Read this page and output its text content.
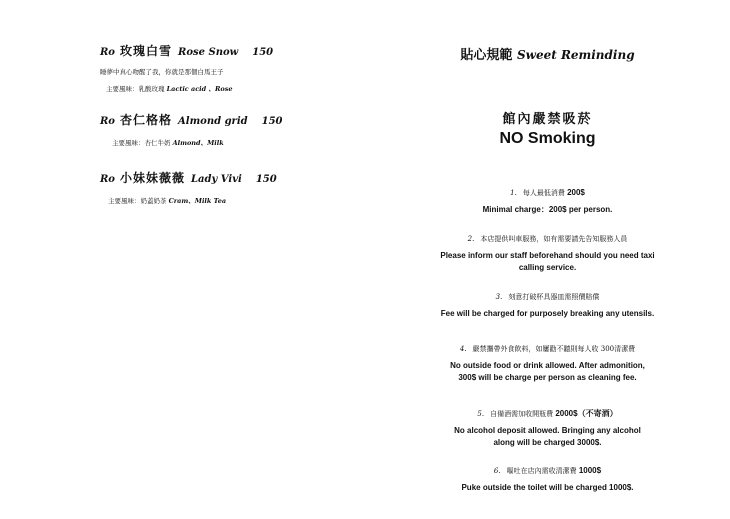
Ro 玫瑰白雪 Rose Snow 150
睡夢中真心吻醒了我，你就是那個白馬王子
主要風味：乳酸玫瑰 Lactic acid 、Rose
Ro 杏仁格格 Almond grid 150
主要風味：杏仁牛奶 Almond、Milk
Ro 小妹妹薇薇 Lady Vivi 150
主要風味：奶蓋奶茶 Cram、Milk Tea
貼心規範 Sweet Reminding
館內嚴禁吸菸
NO Smoking
1. 每人最低消費 200$
Minimal charge：200$ per person.
2. 本店提供叫車服務，如有需要請先告知服務人員
Please inform our staff beforehand should you need taxi calling service.
3. 刻意打破杯具器皿需照價賠償
Fee will be charged for purposely breaking any utensils.
4. 嚴禁攜帶外食飲料，如屢勸不聽則每人收 300清潔費
No outside food or drink allowed. After admonition, 300$ will be charge per person as cleaning fee.
5. 自備酒需加收開瓶費 2000$（不寄酒）
No alcohol deposit allowed. Bringing any alcohol along will be charged 3000$.
6. 嘔吐在店內需收清潔費 1000$
Puke outside the toilet will be charged 1000$.
